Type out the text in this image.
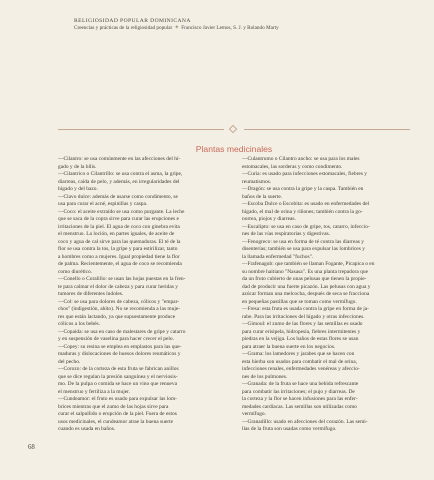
RELIGIOSIDAD POPULAR DOMINICANA
Creencias y prácticas de la religiosidad popular ✦ Francisco Javier Lemos, S. J. y Rolando Marty
Plantas medicinales

—Cilantro: se usa comúnmente en las afecciones del hí-

gado y de la bilis.

—Cilantrico o Cilantrillo: se usa contra el asma, la gripe,

diarreas, caída de pelo, y además, en irregularidades del

hígado y del bazo.

—Clavo dulce: además de usarse como condimento, se

usa para curar el acné, espinillas y caspa.

—Coco: el aceite extraído se usa como purgante. La leche

que se saca de la copra sirve para curar las erupciones e

irritaciones de la piel. El agua de coco con ginebra evita

el menstruo. La loción, en partes iguales, de aceite de

coco y agua de cal sirve para las quemaduras. El té de la

flor se usa contra la tos, la gripe y para estirilizar, tanto

a hombres como a mujeres. Igual propiedad tiene la flor

de palma. Recientemente, el agua de coco se recomienda

como diurético.

—Conello o Coralillo: se usan las hojas puestas en la fren-

te para calmar el dolor de cabeza y para curar heridas y

tumores de diferentes índoles.

—Col: se usa para dolores de cabeza, cólicos y "empar-

chos" (indigestión, ahíto). No se recomienda a las muje-

res que están lactando, ya que supuestamente produce

cólicos a los bebés.

—Copaida: se usa en caso de malestares de gripe y catarro

y en suspensión de vaselina para hacer crecer el pelo.

—Copey: su resina se emplea en emplastos para las que-

maduras y dislocaciones de huesos dolores reumáticos y

del pecho.

—Corozo: de la corteza de esta fruta se fabrican anillos

que se dice regulan la presión sanguínea y el nerviosis-

mo. De la pulpa o comida se hace un vino que renueva

el menstruo y fertiliza a la mujer.

—Cundeamor: el fruto es usado para expulsar las lom-

brices mientras que el zumo de las hojas sirve para

curar el salpullido o erupción de la piel. Fuera de estos

usos medicinales, el cundeamor atrae la buena suerte

cuando es usada en baños.

—Culantrumo o Cilantro ancho: se usa para los males

estomacales, las sorderas y como condimento.

—Curia: es usado para infecciones estomacales, fiebres y

reumatismos.

—Dragón: se usa contra la gripe y la caspa. También en

baños de la suerte.

—Escoba Dulce o Escobita: es usado en enfermedades del

hígado, el mal de orina y riñones; también contra la go-

norrea, piojos y diarreas.

—Eucalipto: se usa en caso de gripe, tos, catarro, infeccio-

nes de las vías respiratorias y digestivas.

—Fenogreco: se usa en forma de té contra las diarreas y

disenterías; también se usa para expulsar las lombrices y

la llamada enfermedad "fuchos".

—Frafenagub: que también se llaman Fogante, Picapica o en

su nombre haitiano "Nasasa". Es una planta trepadora que

da un fruto cubierto de unas pelusas que tienen la propie-

dad de producir una fuerte picazón. Las pelusas con agua y

azúcar forman una melcocha, después de seca se fracciona

en pequeñas pastillas que se toman como vermífugo.

—Fresa: esta fruta es usada contra la gripe en forma de ja-

rabe. Para las irritaciones del hígado y otras infecciones.

—Gimoul: el zumo de las flores y las semillas es usado

para curar erisipela, hidropesía, fiebres intermitentes y

piedras en la vejiga. Los baños de estas flores se usan

para atraer la buena suerte en los negocios.

—Grama: los lamedores y jarabes que se hacen con

esta hierba son usados para combatir el mal de orina,

infecciones renales, enfermedades venéreas y afeccio-

nes de los pulmones.

—Granada: de la fruta se hace una bebida refrescante

para combatir las irritaciones; el pujo y diarreas. De

la corteza y la flor se hacen infusiones para las enfer-

medades cardíacas. Las semillas son utilizadas como

vermífugo.

—Granadillo: usado en afecciones del corazón. Las semi-

llas de la fruta son usadas como vermífugo.

68
